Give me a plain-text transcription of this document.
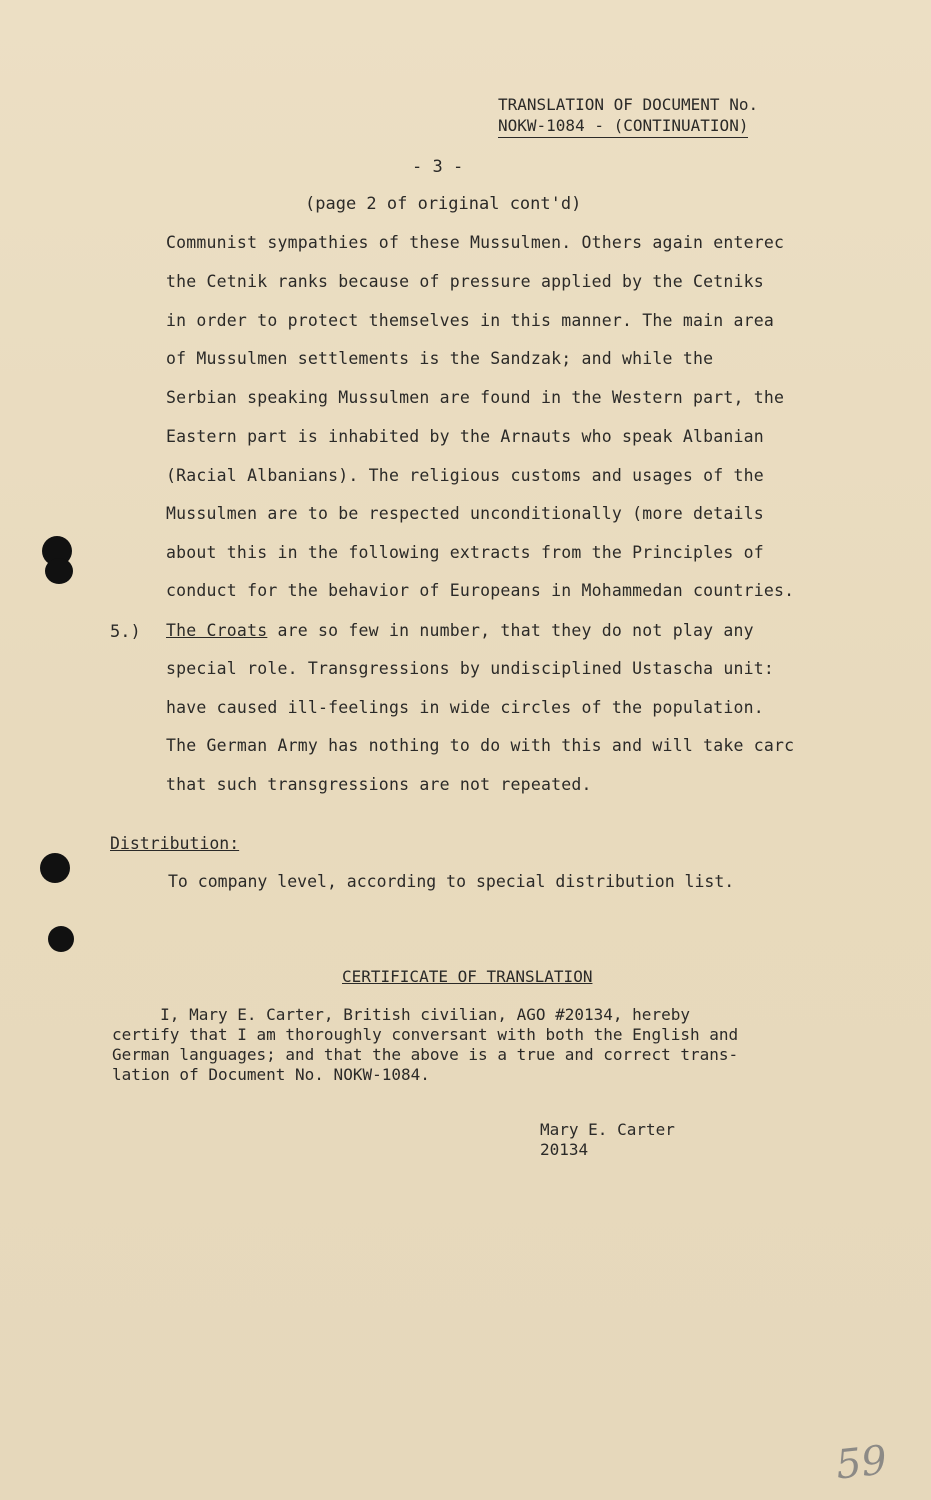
TRANSLATION OF DOCUMENT No.
NOKW-1084 - (CONTINUATION)
- 3 -
(page 2 of original cont'd)
Communist sympathies of these Mussulmen. Others again enterec
the Cetnik ranks because of pressure applied by the Cetniks
in order to protect themselves in this manner. The main area
of Mussulmen settlements is the Sandzak; and while the
Serbian speaking Mussulmen are found in the Western part, the
Eastern part is inhabited by the Arnauts who speak Albanian
(Racial Albanians). The religious customs and usages of the
Mussulmen are to be respected unconditionally (more details
about this in the following extracts from the Principles of
conduct for the behavior of Europeans in Mohammedan countries.
5.) The Croats are so few in number, that they do not play any
special role. Transgressions by undisciplined Ustascha unit:
have caused ill-feelings in wide circles of the population.
The German Army has nothing to do with this and will take carc
that such transgressions are not repeated.
Distribution:
To company level, according to special distribution list.
CERTIFICATE OF TRANSLATION
I, Mary E. Carter, British civilian, AGO #20134, hereby
certify that I am thoroughly conversant with both the English and
German languages; and that the above is a true and correct trans-
lation of Document No. NOKW-1084.
Mary E. Carter
20134
59
